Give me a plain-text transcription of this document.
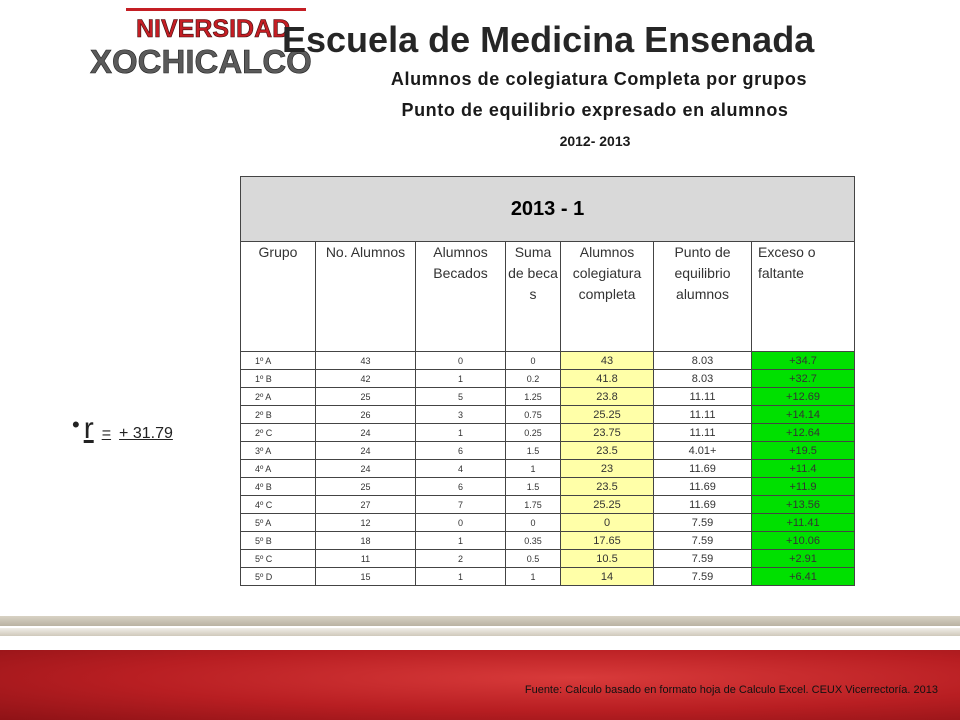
NIVERSIDAD
XOCHICALCO
Escuela de Medicina Ensenada
Alumnos de colegiatura Completa por grupos
Punto de equilibrio expresado en alumnos
2012- 2013
• r = + 31.79
2013 - 1						
Grupo	No. Alumnos	Alumnos Becados	Suma de beca s	Alumnos colegiatura completa	Punto de equilibrio alumnos	Exceso o faltante
1º A	43	0	0	43	8.03	+34.7
1º B	42	1	0.2	41.8	8.03	+32.7
2º A	25	5	1.25	23.8	11.11	+12.69
2º B	26	3	0.75	25.25	11.11	+14.14
2º C	24	1	0.25	23.75	11.11	+12.64
3º A	24	6	1.5	23.5	4.01+	+19.5
4º A	24	4	1	23	11.69	+11.4
4º B	25	6	1.5	23.5	11.69	+11.9
4º C	27	7	1.75	25.25	11.69	+13.56
5º A	12	0	0	0	7.59	+11.41
5º B	18	1	0.35	17.65	7.59	+10.06
5º C	11	2	0.5	10.5	7.59	+2.91
5º D	15	1	1	14	7.59	+6.41
Fuente: Calculo basado en formato hoja de Calculo Excel. CEUX Vicerrectoría. 2013
